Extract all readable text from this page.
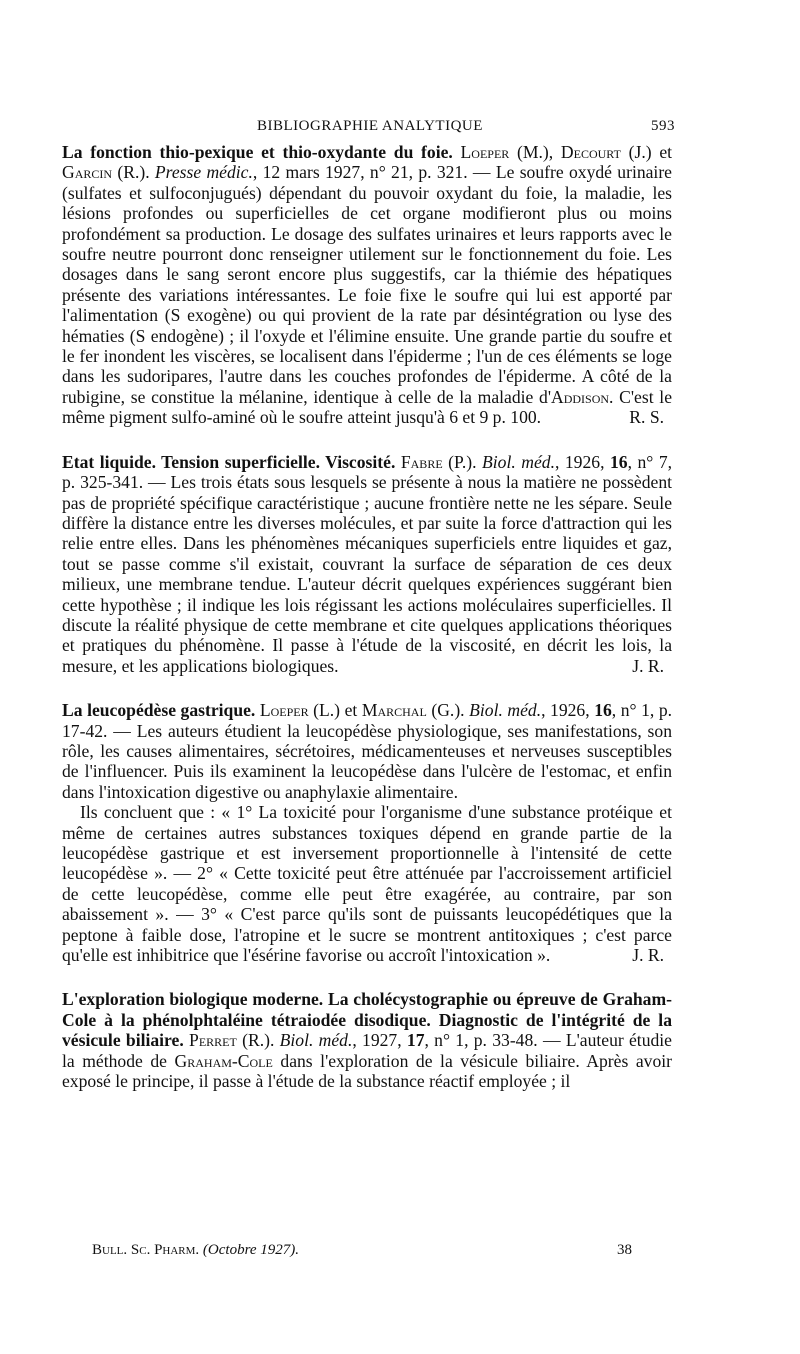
BIBLIOGRAPHIE ANALYTIQUE	593

La fonction thio-pexique et thio-oxydante du foie. Loeper (M.), Decourt (J.) et Garcin (R.). Presse médic., 12 mars 1927, n° 21, p. 321. — Le soufre oxydé urinaire (sulfates et sulfoconjugués) dépendant du pouvoir oxydant du foie, la maladie, les lésions profondes ou superficielles de cet organe modifieront plus ou moins profondément sa production. Le dosage des sulfates urinaires et leurs rapports avec le soufre neutre pourront donc renseigner utilement sur le fonctionnement du foie. Les dosages dans le sang seront encore plus suggestifs, car la thiémie des hépatiques présente des variations intéressantes. Le foie fixe le soufre qui lui est apporté par l'alimentation (S exogène) ou qui provient de la rate par désintégration ou lyse des hématies (S endogène) ; il l'oxyde et l'élimine ensuite. Une grande partie du soufre et le fer inondent les viscères, se localisent dans l'épiderme ; l'un de ces éléments se loge dans les sudoripares, l'autre dans les couches profondes de l'épiderme. A côté de la rubigine, se constitue la mélanine, identique à celle de la maladie d'Addison. C'est le même pigment sulfo-aminé où le soufre atteint jusqu'à 6 et 9 p. 100.	R. S.

Etat liquide. Tension superficielle. Viscosité. Fabre (P.). Biol. méd., 1926, 16, n° 7, p. 325-341. — Les trois états sous lesquels se présente à nous la matière ne possèdent pas de propriété spécifique caractéristique ; aucune frontière nette ne les sépare. Seule diffère la distance entre les diverses molécules, et par suite la force d'attraction qui les relie entre elles. Dans les phénomènes mécaniques superficiels entre liquides et gaz, tout se passe comme s'il existait, couvrant la surface de séparation de ces deux milieux, une membrane tendue. L'auteur décrit quelques expériences suggérant bien cette hypothèse ; il indique les lois régissant les actions moléculaires superficielles. Il discute la réalité physique de cette membrane et cite quelques applications théoriques et pratiques du phénomène. Il passe à l'étude de la viscosité, en décrit les lois, la mesure, et les applications biologiques.	J. R.

La leucopédèse gastrique. Loeper (L.) et Marchal (G.). Biol. méd., 1926, 16, n° 1, p. 17-42. — Les auteurs étudient la leucopédèse physiologique, ses manifestations, son rôle, les causes alimentaires, sécrétoires, médicamenteuses et nerveuses susceptibles de l'influencer. Puis ils examinent la leucopédèse dans l'ulcère de l'estomac, et enfin dans l'intoxication digestive ou anaphylaxie alimentaire.

Ils concluent que : « 1° La toxicité pour l'organisme d'une substance protéique et même de certaines autres substances toxiques dépend en grande partie de la leucopédèse gastrique et est inversement proportionnelle à l'intensité de cette leucopédèse ». — 2° « Cette toxicité peut être atténuée par l'accroissement artificiel de cette leucopédèse, comme elle peut être exagérée, au contraire, par son abaissement ». — 3° « C'est parce qu'ils sont de puissants leucopédétiques que la peptone à faible dose, l'atropine et le sucre se montrent antitoxiques ; c'est parce qu'elle est inhibitrice que l'ésérine favorise ou accroît l'intoxication ».	J. R.

L'exploration biologique moderne. La cholécystographie ou épreuve de Graham-Cole à la phénolphtaléine tétraiodée disodique. Diagnostic de l'intégrité de la vésicule biliaire. Perret (R.). Biol. méd., 1927, 17, n° 1, p. 33-48. — L'auteur étudie la méthode de Graham-Cole dans l'exploration de la vésicule biliaire. Après avoir exposé le principe, il passe à l'étude de la substance réactif employée ; il

Bull. Sc. Pharm. (Octobre 1927).	38
